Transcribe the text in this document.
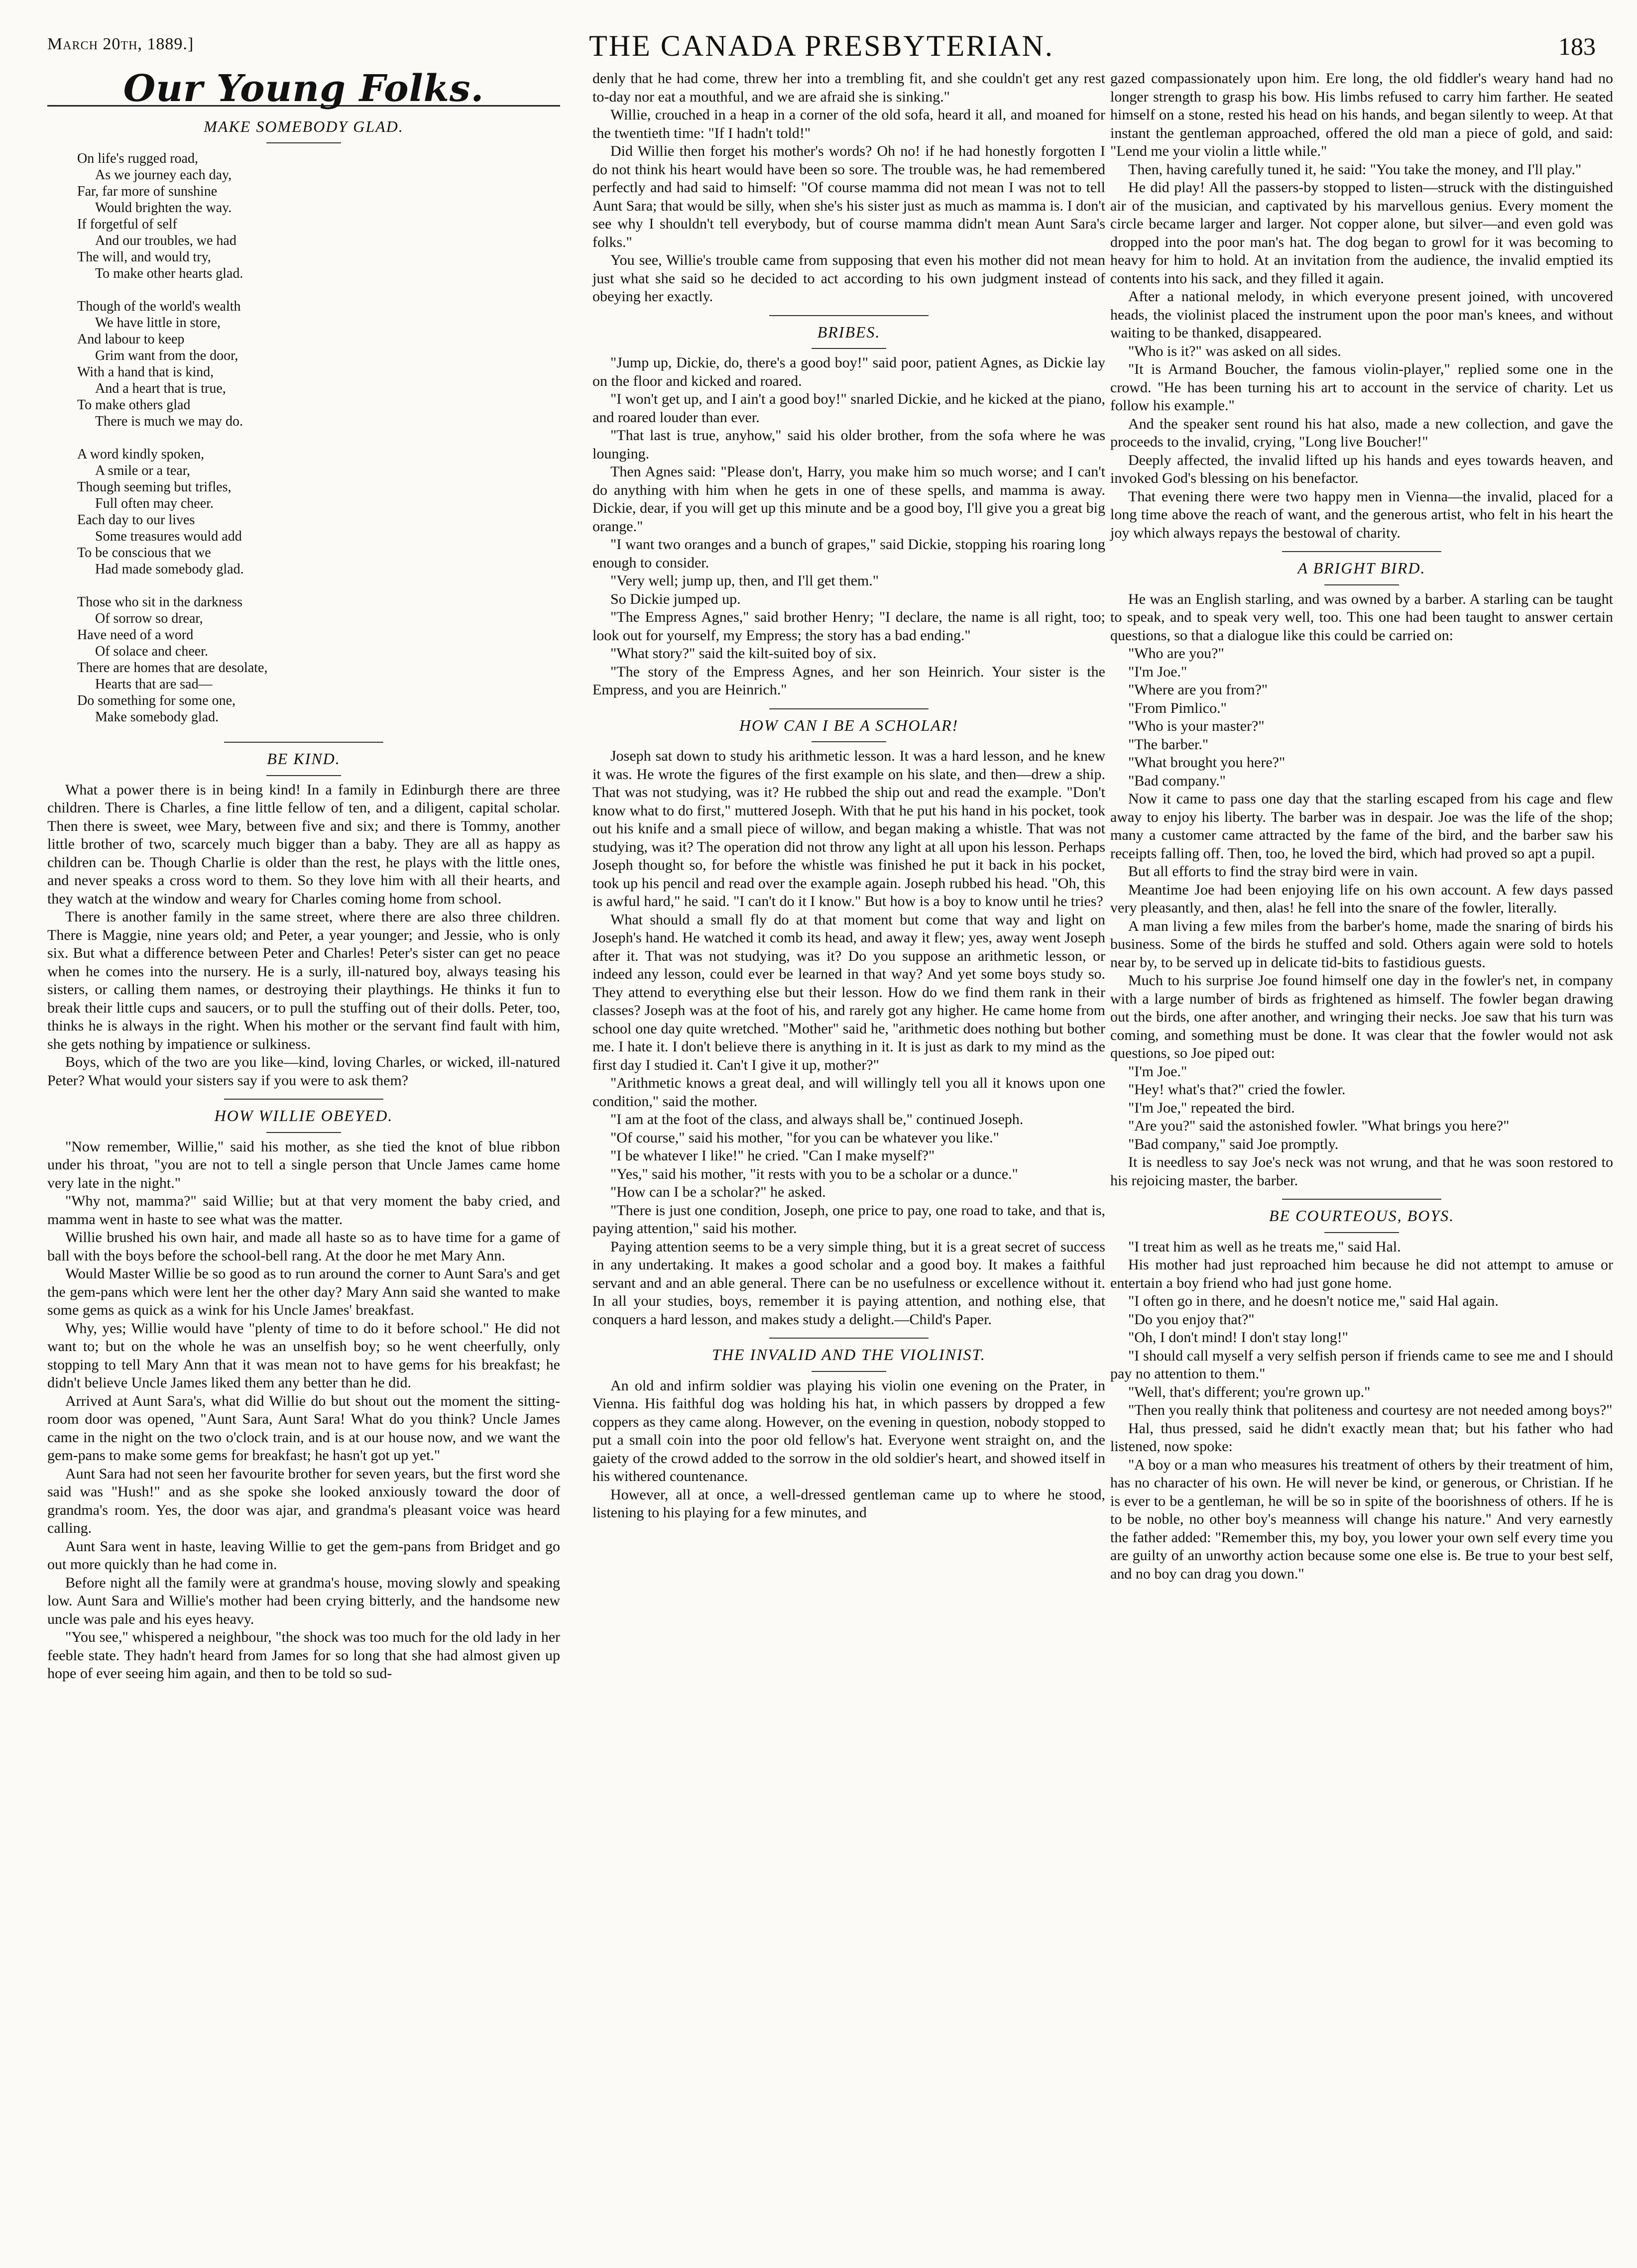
March 20th, 1889.]	THE CANADA PRESBYTERIAN.	183
Our Young Folks.
MAKE SOMEBODY GLAD.
On life's rugged road,
As we journey each day,
Far, far more of sunshine
Would brighten the way.
If forgetful of self
And our troubles, we had
The will, and would try,
To make other hearts glad.
Though of the world's wealth
We have little in store,
And labour to keep
Grim want from the door,
With a hand that is kind,
And a heart that is true,
To make others glad
There is much we may do.
A word kindly spoken,
A smile or a tear,
Though seeming but trifles,
Full often may cheer.
Each day to our lives
Some treasures would add
To be conscious that we
Had made somebody glad.
Those who sit in the darkness
Of sorrow so drear,
Have need of a word
Of solace and cheer.
There are homes that are desolate,
Hearts that are sad—
Do something for some one,
Make somebody glad.
BE KIND.

What a power there is in being kind! In a family in Edinburgh there are three children. There is Charles, a fine little fellow of ten, and a diligent, capital scholar. Then there is sweet, wee Mary, between five and six; and there is Tommy, another little brother of two, scarcely much bigger than a baby. They are all as happy as children can be. Though Charlie is older than the rest, he plays with the little ones, and never speaks a cross word to them. So they love him with all their hearts, and they watch at the window and weary for Charles coming home from school.

There is another family in the same street, where there are also three children. There is Maggie, nine years old; and Peter, a year younger; and Jessie, who is only six. But what a difference between Peter and Charles! Peter's sister can get no peace when he comes into the nursery. He is a surly, ill-natured boy, always teasing his sisters, or calling them names, or destroying their playthings. He thinks it fun to break their little cups and saucers, or to pull the stuffing out of their dolls. Peter, too, thinks he is always in the right. When his mother or the servant find fault with him, she gets nothing by impatience or sulkiness.

Boys, which of the two are you like—kind, loving Charles, or wicked, ill-natured Peter? What would your sisters say if you were to ask them?

HOW WILLIE OBEYED.

"Now remember, Willie," said his mother, as she tied the knot of blue ribbon under his throat, "you are not to tell a single person that Uncle James came home very late in the night."

"Why not, mamma?" said Willie; but at that very moment the baby cried, and mamma went in haste to see what was the matter.

Willie brushed his own hair, and made all haste so as to have time for a game of ball with the boys before the school-bell rang. At the door he met Mary Ann.

Would Master Willie be so good as to run around the corner to Aunt Sara's and get the gem-pans which were lent her the other day? Mary Ann said she wanted to make some gems as quick as a wink for his Uncle James' breakfast.

Why, yes; Willie would have "plenty of time to do it before school." He did not want to; but on the whole he was an unselfish boy; so he went cheerfully, only stopping to tell Mary Ann that it was mean not to have gems for his breakfast; he didn't believe Uncle James liked them any better than he did.

Arrived at Aunt Sara's, what did Willie do but shout out the moment the sitting-room door was opened, "Aunt Sara, Aunt Sara! What do you think? Uncle James came in the night on the two o'clock train, and is at our house now, and we want the gem-pans to make some gems for breakfast; he hasn't got up yet."

Aunt Sara had not seen her favourite brother for seven years, but the first word she said was "Hush!" and as she spoke she looked anxiously toward the door of grandma's room. Yes, the door was ajar, and grandma's pleasant voice was heard calling.

Aunt Sara went in haste, leaving Willie to get the gem-pans from Bridget and go out more quickly than he had come in.

Before night all the family were at grandma's house, moving slowly and speaking low. Aunt Sara and Willie's mother had been crying bitterly, and the handsome new uncle was pale and his eyes heavy.

"You see," whispered a neighbour, "the shock was too much for the old lady in her feeble state. They hadn't heard from James for so long that she had almost given up hope of ever seeing him again, and then to be told so sud-

denly that he had come, threw her into a trembling fit, and she couldn't get any rest to-day nor eat a mouthful, and we are afraid she is sinking."

Willie, crouched in a heap in a corner of the old sofa, heard it all, and moaned for the twentieth time: "If I hadn't told!"

Did Willie then forget his mother's words? Oh no! if he had honestly forgotten I do not think his heart would have been so sore. The trouble was, he had remembered perfectly and had said to himself: "Of course mamma did not mean I was not to tell Aunt Sara; that would be silly, when she's his sister just as much as mamma is. I don't see why I shouldn't tell everybody, but of course mamma didn't mean Aunt Sara's folks."

You see, Willie's trouble came from supposing that even his mother did not mean just what she said so he decided to act according to his own judgment instead of obeying her exactly.

BRIBES.

"Jump up, Dickie, do, there's a good boy!" said poor, patient Agnes, as Dickie lay on the floor and kicked and roared.

"I won't get up, and I ain't a good boy!" snarled Dickie, and he kicked at the piano, and roared louder than ever.

"That last is true, anyhow," said his older brother, from the sofa where he was lounging.

Then Agnes said: "Please don't, Harry, you make him so much worse; and I can't do anything with him when he gets in one of these spells, and mamma is away. Dickie, dear, if you will get up this minute and be a good boy, I'll give you a great big orange."

"I want two oranges and a bunch of grapes," said Dickie, stopping his roaring long enough to consider.

"Very well; jump up, then, and I'll get them."

So Dickie jumped up.

"The Empress Agnes," said brother Henry; "I declare, the name is all right, too; look out for yourself, my Empress; the story has a bad ending."

"What story?" said the kilt-suited boy of six.

"The story of the Empress Agnes, and her son Heinrich. Your sister is the Empress, and you are Heinrich."

HOW CAN I BE A SCHOLAR!

Joseph sat down to study his arithmetic lesson. It was a hard lesson, and he knew it was. He wrote the figures of the first example on his slate, and then—drew a ship. That was not studying, was it? He rubbed the ship out and read the example. "Don't know what to do first," muttered Joseph. With that he put his hand in his pocket, took out his knife and a small piece of willow, and began making a whistle. That was not studying, was it? The operation did not throw any light at all upon his lesson. Perhaps Joseph thought so, for before the whistle was finished he put it back in his pocket, took up his pencil and read over the example again. Joseph rubbed his head. "Oh, this is awful hard," he said. "I can't do it I know." But how is a boy to know until he tries?

What should a small fly do at that moment but come that way and light on Joseph's hand. He watched it comb its head, and away it flew; yes, away went Joseph after it. That was not studying, was it? Do you suppose an arithmetic lesson, or indeed any lesson, could ever be learned in that way? And yet some boys study so. They attend to everything else but their lesson. How do we find them rank in their classes? Joseph was at the foot of his, and rarely got any higher. He came home from school one day quite wretched. "Mother" said he, "arithmetic does nothing but bother me. I hate it. I don't believe there is anything in it. It is just as dark to my mind as the first day I studied it. Can't I give it up, mother?"

"Arithmetic knows a great deal, and will willingly tell you all it knows upon one condition," said the mother.

"I am at the foot of the class, and always shall be," continued Joseph.

"Of course," said his mother, "for you can be whatever you like."

"I be whatever I like!" he cried. "Can I make myself?"

"Yes," said his mother, "it rests with you to be a scholar or a dunce."

"How can I be a scholar?" he asked.

"There is just one condition, Joseph, one price to pay, one road to take, and that is, paying attention," said his mother.

Paying attention seems to be a very simple thing, but it is a great secret of success in any undertaking. It makes a good scholar and a good boy. It makes a faithful servant and and an able general. There can be no usefulness or excellence without it. In all your studies, boys, remember it is paying attention, and nothing else, that conquers a hard lesson, and makes study a delight.—Child's Paper.

THE INVALID AND THE VIOLINIST.

An old and infirm soldier was playing his violin one evening on the Prater, in Vienna. His faithful dog was holding his hat, in which passers by dropped a few coppers as they came along. However, on the evening in question, nobody stopped to put a small coin into the poor old fellow's hat. Everyone went straight on, and the gaiety of the crowd added to the sorrow in the old soldier's heart, and showed itself in his withered countenance.

However, all at once, a well-dressed gentleman came up to where he stood, listening to his playing for a few minutes, and

gazed compassionately upon him. Ere long, the old fiddler's weary hand had no longer strength to grasp his bow. His limbs refused to carry him farther. He seated himself on a stone, rested his head on his hands, and began silently to weep. At that instant the gentleman approached, offered the old man a piece of gold, and said: "Lend me your violin a little while."

Then, having carefully tuned it, he said: "You take the money, and I'll play."

He did play! All the passers-by stopped to listen—struck with the distinguished air of the musician, and captivated by his marvellous genius. Every moment the circle became larger and larger. Not copper alone, but silver—and even gold was dropped into the poor man's hat. The dog began to growl for it was becoming to heavy for him to hold. At an invitation from the audience, the invalid emptied its contents into his sack, and they filled it again.

After a national melody, in which everyone present joined, with uncovered heads, the violinist placed the instrument upon the poor man's knees, and without waiting to be thanked, disappeared.

"Who is it?" was asked on all sides.

"It is Armand Boucher, the famous violin-player," replied some one in the crowd. "He has been turning his art to account in the service of charity. Let us follow his example."

And the speaker sent round his hat also, made a new collection, and gave the proceeds to the invalid, crying, "Long live Boucher!"

Deeply affected, the invalid lifted up his hands and eyes towards heaven, and invoked God's blessing on his benefactor.

That evening there were two happy men in Vienna—the invalid, placed for a long time above the reach of want, and the generous artist, who felt in his heart the joy which always repays the bestowal of charity.

A BRIGHT BIRD.

He was an English starling, and was owned by a barber. A starling can be taught to speak, and to speak very well, too. This one had been taught to answer certain questions, so that a dialogue like this could be carried on:

"Who are you?"

"I'm Joe."

"Where are you from?"

"From Pimlico."

"Who is your master?"

"The barber."

"What brought you here?"

"Bad company."

Now it came to pass one day that the starling escaped from his cage and flew away to enjoy his liberty. The barber was in despair. Joe was the life of the shop; many a customer came attracted by the fame of the bird, and the barber saw his receipts falling off. Then, too, he loved the bird, which had proved so apt a pupil.

But all efforts to find the stray bird were in vain.

Meantime Joe had been enjoying life on his own account. A few days passed very pleasantly, and then, alas! he fell into the snare of the fowler, literally.

A man living a few miles from the barber's home, made the snaring of birds his business. Some of the birds he stuffed and sold. Others again were sold to hotels near by, to be served up in delicate tid-bits to fastidious guests.

Much to his surprise Joe found himself one day in the fowler's net, in company with a large number of birds as frightened as himself. The fowler began drawing out the birds, one after another, and wringing their necks. Joe saw that his turn was coming, and something must be done. It was clear that the fowler would not ask questions, so Joe piped out:

"I'm Joe."

"Hey! what's that?" cried the fowler.

"I'm Joe," repeated the bird.

"Are you?" said the astonished fowler. "What brings you here?"

"Bad company," said Joe promptly.

It is needless to say Joe's neck was not wrung, and that he was soon restored to his rejoicing master, the barber.

BE COURTEOUS, BOYS.

"I treat him as well as he treats me," said Hal.

His mother had just reproached him because he did not attempt to amuse or entertain a boy friend who had just gone home.

"I often go in there, and he doesn't notice me," said Hal again.

"Do you enjoy that?"

"Oh, I don't mind! I don't stay long!"

"I should call myself a very selfish person if friends came to see me and I should pay no attention to them."

"Well, that's different; you're grown up."

"Then you really think that politeness and courtesy are not needed among boys?"

Hal, thus pressed, said he didn't exactly mean that; but his father who had listened, now spoke:

"A boy or a man who measures his treatment of others by their treatment of him, has no character of his own. He will never be kind, or generous, or Christian. If he is ever to be a gentleman, he will be so in spite of the boorishness of others. If he is to be noble, no other boy's meanness will change his nature." And very earnestly the father added: "Remember this, my boy, you lower your own self every time you are guilty of an unworthy action because some one else is. Be true to your best self, and no boy can drag you down."
